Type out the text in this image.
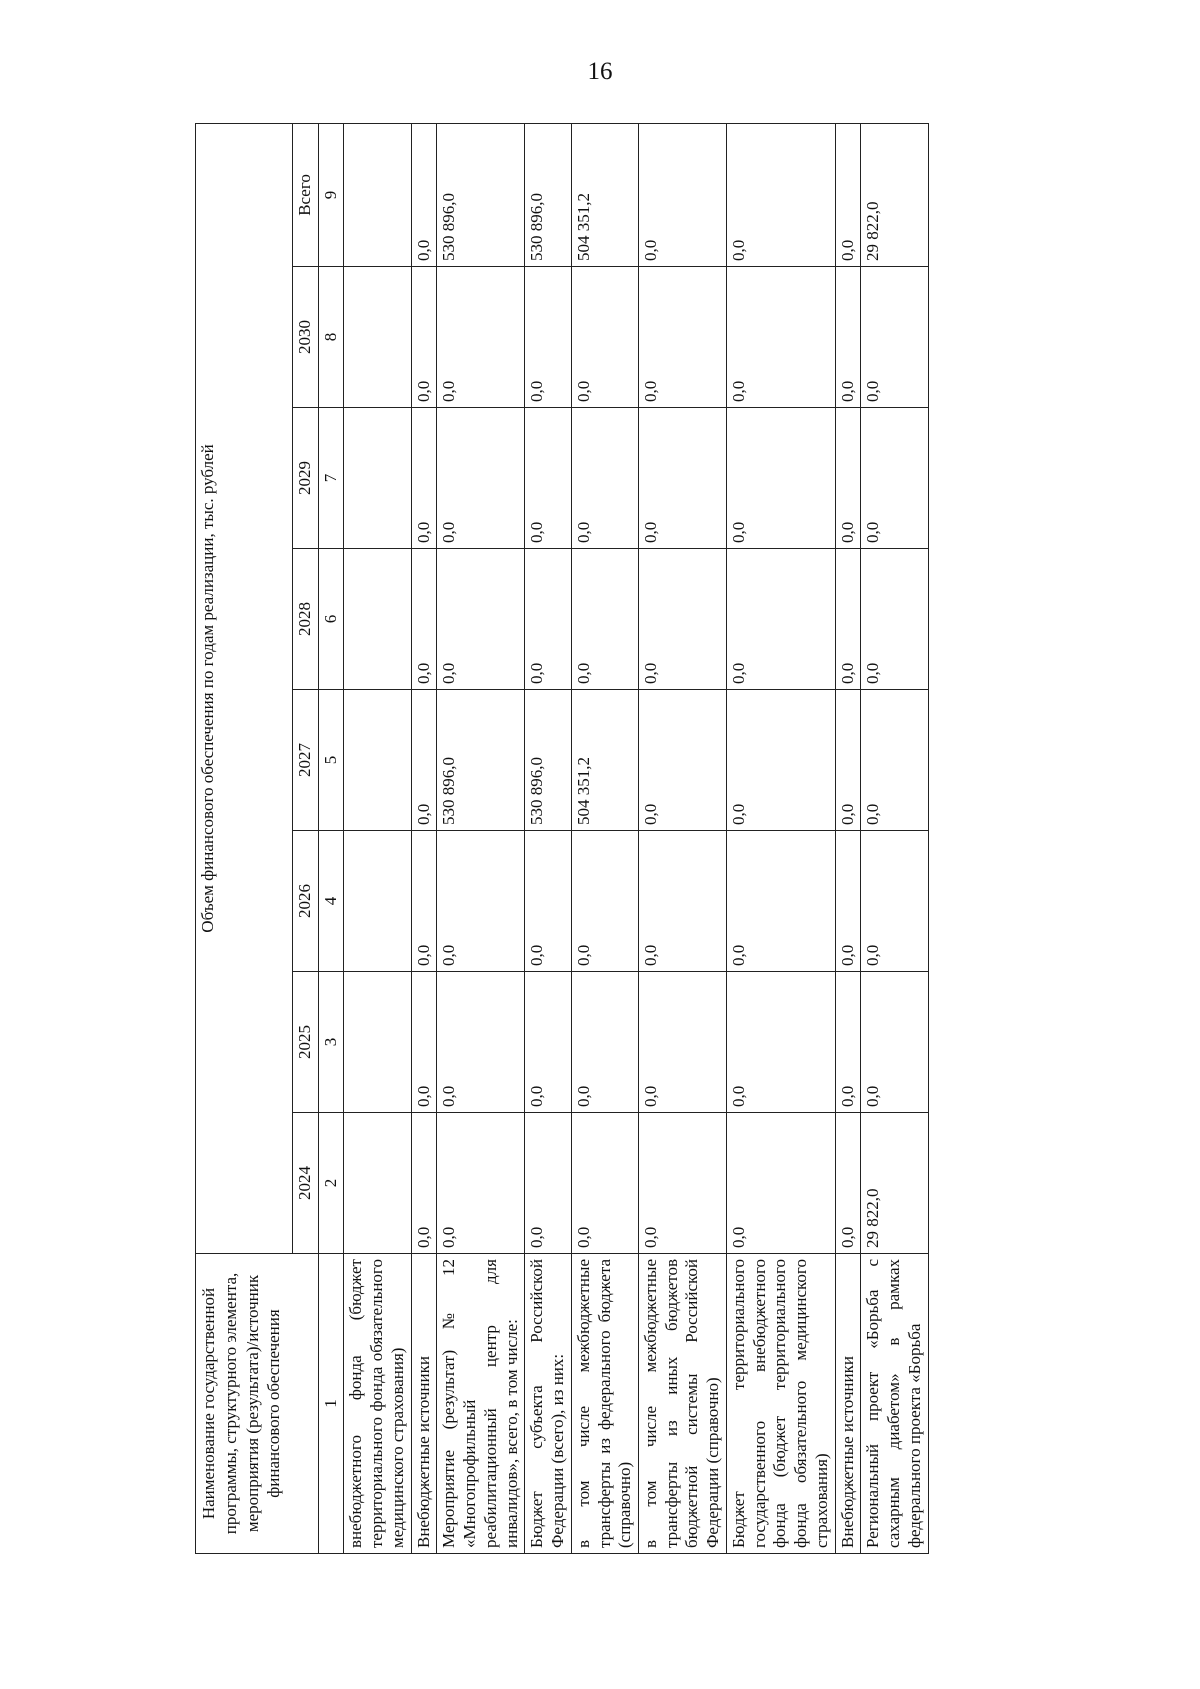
16
Наименование государственной программы, структурного элемента, мероприятия (результата)/источник финансового обеспечения	Объем финансового обеспечения по годам реализации, тыс. рублей							
	2024	2025	2026	2027	2028	2029	2030	Всего
1	2	3	4	5	6	7	8	9
внебюджетного фонда (бюджет территориального фонда обязательного медицинского страхования)								
Внебюджетные источники	0,0	0,0	0,0	0,0	0,0	0,0	0,0	0,0
Мероприятие (результат) № 12 «Многопрофильный реабилитационный центр для инвалидов», всего, в том числе:	0,0	0,0	0,0	530 896,0	0,0	0,0	0,0	530 896,0
Бюджет субъекта Российской Федерации (всего), из них:	0,0	0,0	0,0	530 896,0	0,0	0,0	0,0	530 896,0
в том числе межбюджетные трансферты из федерального бюджета (справочно)	0,0	0,0	0,0	504 351,2	0,0	0,0	0,0	504 351,2
в том числе межбюджетные трансферты из иных бюджетов бюджетной системы Российской Федерации (справочно)	0,0	0,0	0,0	0,0	0,0	0,0	0,0	0,0
Бюджет территориального государственного внебюджетного фонда (бюджет территориального фонда обязательного медицинского страхования)	0,0	0,0	0,0	0,0	0,0	0,0	0,0	0,0
Внебюджетные источники	0,0	0,0	0,0	0,0	0,0	0,0	0,0	0,0
Региональный проект «Борьба с сахарным диабетом» в рамках федерального проекта «Борьба	29 822,0	0,0	0,0	0,0	0,0	0,0	0,0	29 822,0
